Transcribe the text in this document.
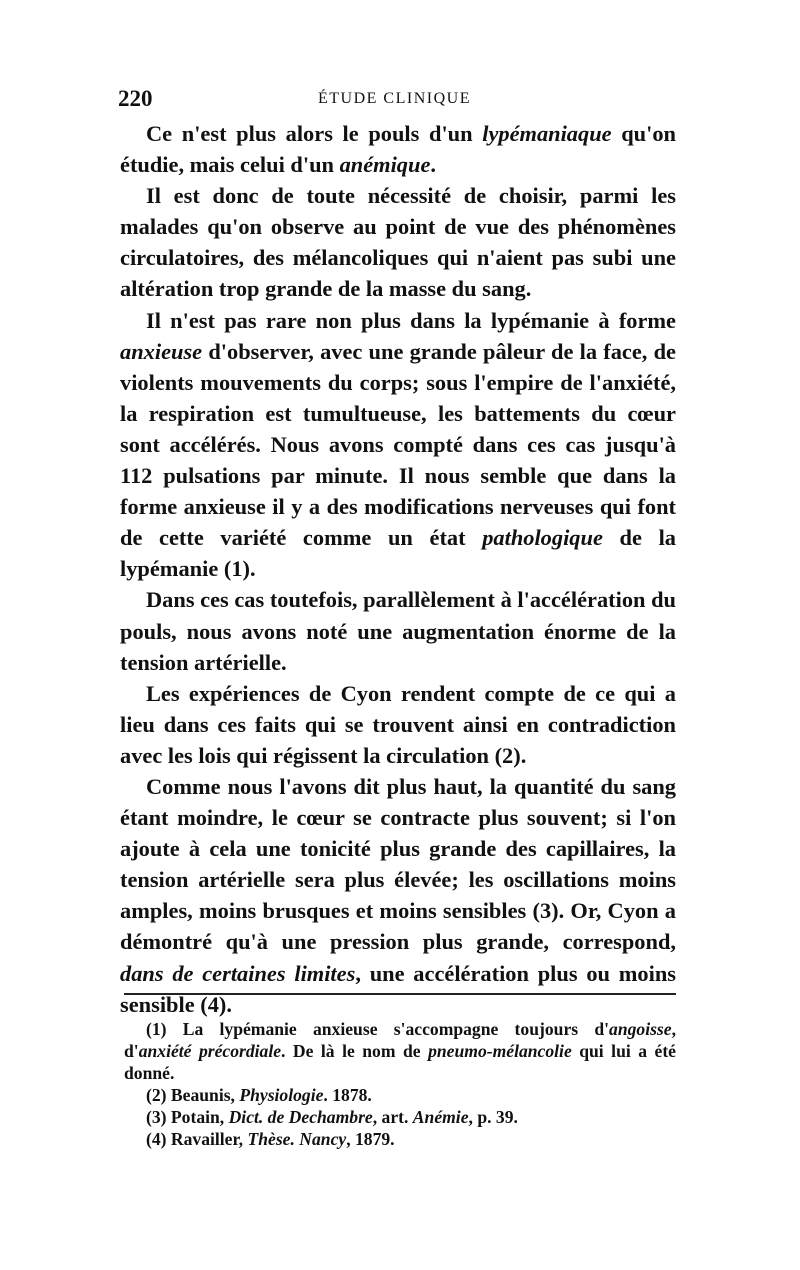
220	ÉTUDE CLINIQUE

Ce n'est plus alors le pouls d'un lypémaniaque qu'on étudie, mais celui d'un anémique.

Il est donc de toute nécessité de choisir, parmi les malades qu'on observe au point de vue des phénomènes circulatoires, des mélancoliques qui n'aient pas subi une altération trop grande de la masse du sang.

Il n'est pas rare non plus dans la lypémanie à forme anxieuse d'observer, avec une grande pâleur de la face, de violents mouvements du corps; sous l'empire de l'anxiété, la respiration est tumultueuse, les battements du cœur sont accélérés. Nous avons compté dans ces cas jusqu'à 112 pulsations par minute. Il nous semble que dans la forme anxieuse il y a des modifications nerveuses qui font de cette variété comme un état pathologique de la lypémanie (1).

Dans ces cas toutefois, parallèlement à l'accélération du pouls, nous avons noté une augmentation énorme de la tension artérielle.

Les expériences de Cyon rendent compte de ce qui a lieu dans ces faits qui se trouvent ainsi en contradiction avec les lois qui régissent la circulation (2).

Comme nous l'avons dit plus haut, la quantité du sang étant moindre, le cœur se contracte plus souvent; si l'on ajoute à cela une tonicité plus grande des capillaires, la tension artérielle sera plus élevée; les oscillations moins amples, moins brusques et moins sensibles (3). Or, Cyon a démontré qu'à une pression plus grande, correspond, dans de certaines limites, une accélération plus ou moins sensible (4).

(1) La lypémanie anxieuse s'accompagne toujours d'angoisse, d'anxiété précordiale. De là le nom de pneumo-mélancolie qui lui a été donné.

(2) Beaunis, Physiologie. 1878.

(3) Potain, Dict. de Dechambre, art. Anémie, p. 39.

(4) Ravailler, Thèse. Nancy, 1879.
